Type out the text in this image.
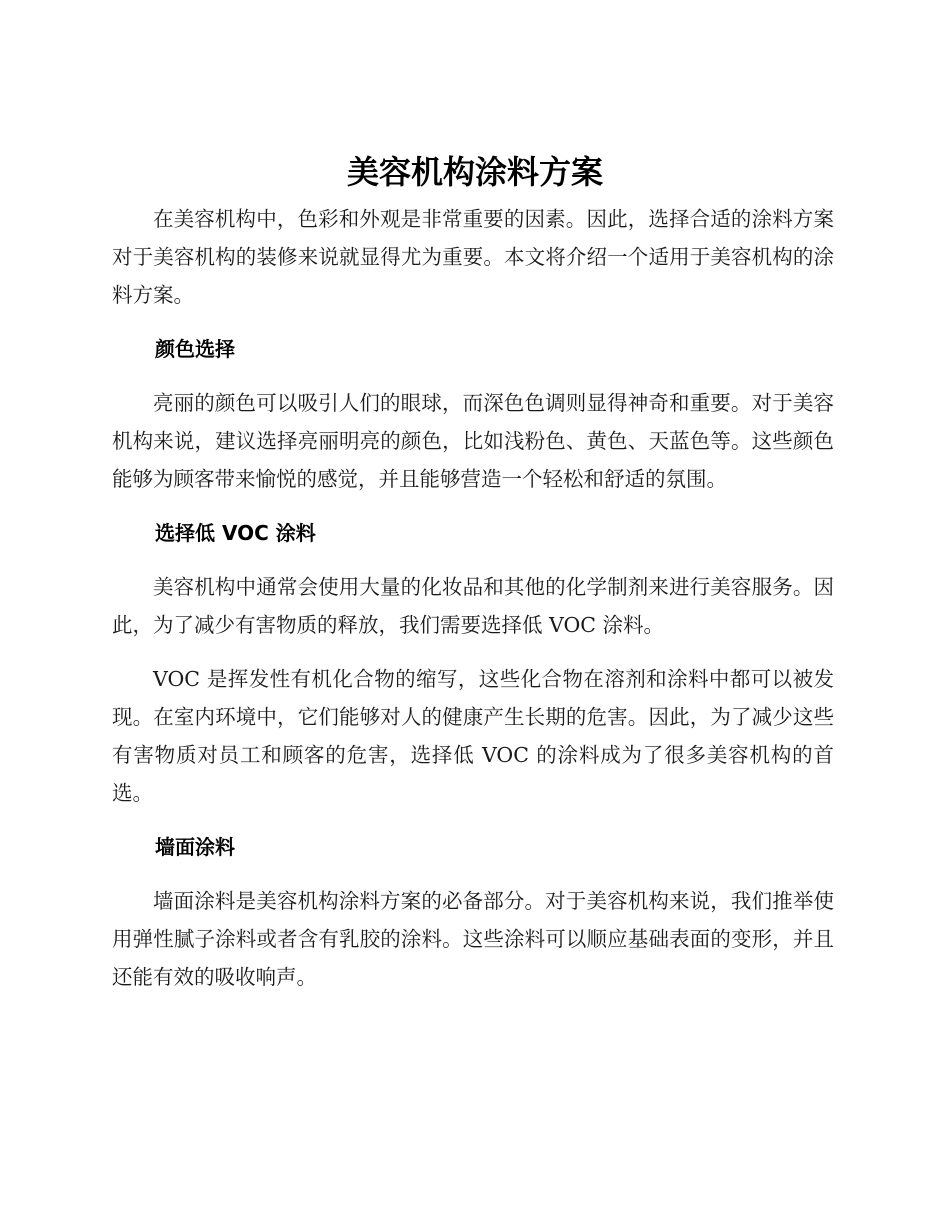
美容机构涂料方案

在美容机构中，色彩和外观是非常重要的因素。因此，选择合适的涂料方案对于美容机构的装修来说就显得尤为重要。本文将介绍一个适用于美容机构的涂料方案。

颜色选择

亮丽的颜色可以吸引人们的眼球，而深色色调则显得神奇和重要。对于美容机构来说，建议选择亮丽明亮的颜色，比如浅粉色、黄色、天蓝色等。这些颜色能够为顾客带来愉悦的感觉，并且能够营造一个轻松和舒适的氛围。

选择低 VOC 涂料

美容机构中通常会使用大量的化妆品和其他的化学制剂来进行美容服务。因此，为了减少有害物质的释放，我们需要选择低 VOC 涂料。

VOC 是挥发性有机化合物的缩写，这些化合物在溶剂和涂料中都可以被发现。在室内环境中，它们能够对人的健康产生长期的危害。因此，为了减少这些有害物质对员工和顾客的危害，选择低 VOC 的涂料成为了很多美容机构的首选。

墙面涂料

墙面涂料是美容机构涂料方案的必备部分。对于美容机构来说，我们推举使用弹性腻子涂料或者含有乳胶的涂料。这些涂料可以顺应基础表面的变形，并且还能有效的吸收响声。
